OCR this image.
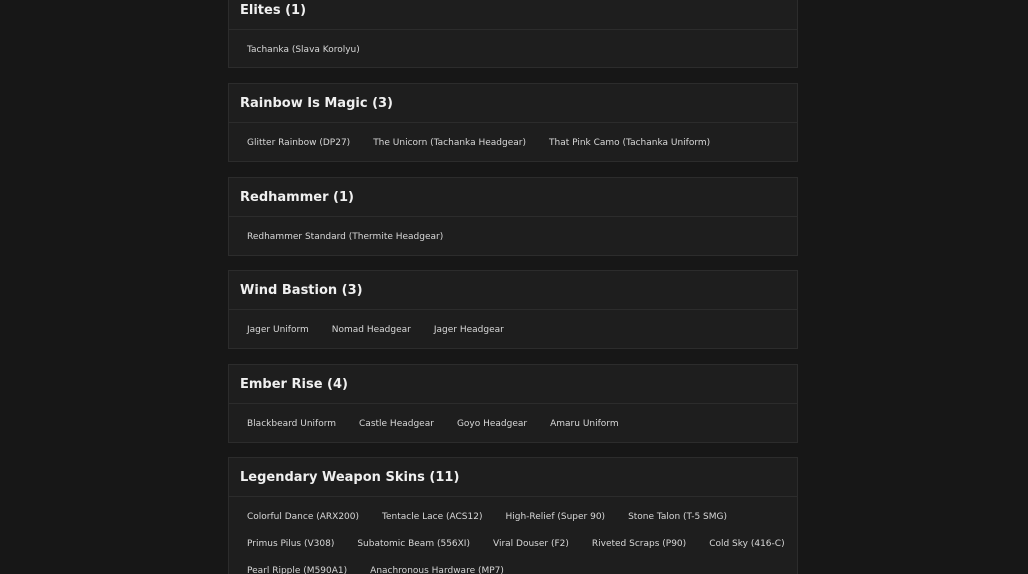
Elites (1)
Tachanka (Slava Korolyu)
Rainbow Is Magic (3)
Glitter Rainbow (DP27)	The Unicorn (Tachanka Headgear)	That Pink Camo (Tachanka Uniform)
Redhammer (1)
Redhammer Standard (Thermite Headgear)
Wind Bastion (3)
Jager Uniform	Nomad Headgear	Jager Headgear
Ember Rise (4)
Blackbeard Uniform	Castle Headgear	Goyo Headgear	Amaru Uniform
Legendary Weapon Skins (11)
Colorful Dance (ARX200)	Tentacle Lace (ACS12)	High-Relief (Super 90)	Stone Talon (T-5 SMG)
Primus Pilus (V308)	Subatomic Beam (556XI)	Viral Douser (F2)	Riveted Scraps (P90)	Cold Sky (416-C)
Pearl Ripple (M590A1)	Anachronous Hardware (MP7)
